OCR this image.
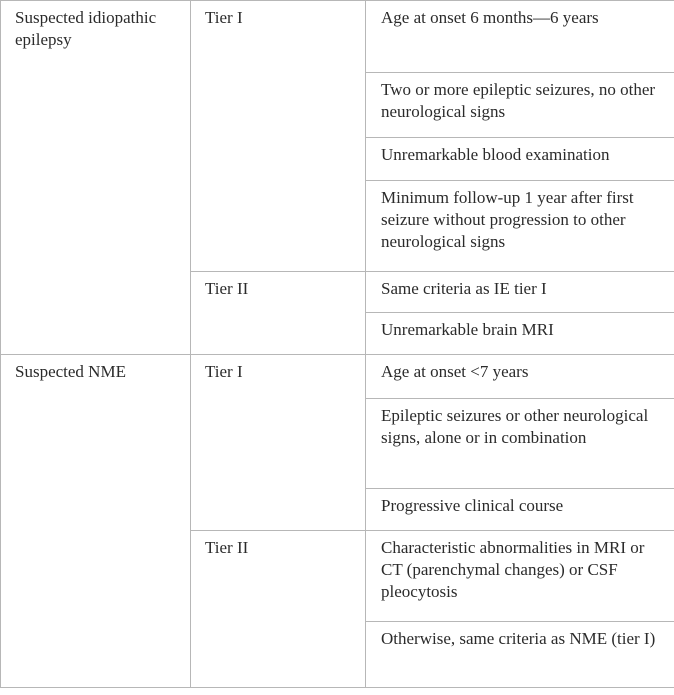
Suspected idiopathic epilepsy	Tier I	Age at onset 6 months—6 years
		Two or more epileptic seizures, no other neurological signs
		Unremarkable blood examination
		Minimum follow-up 1 year after first seizure without progression to other neurological signs
	Tier II	Same criteria as IE tier I
		Unremarkable brain MRI
Suspected NME	Tier I	Age at onset <7 years
		Epileptic seizures or other neurological signs, alone or in combination
		Progressive clinical course
	Tier II	Characteristic abnormalities in MRI or CT (parenchymal changes) or CSF pleocytosis
		Otherwise, same criteria as NME (tier I)
